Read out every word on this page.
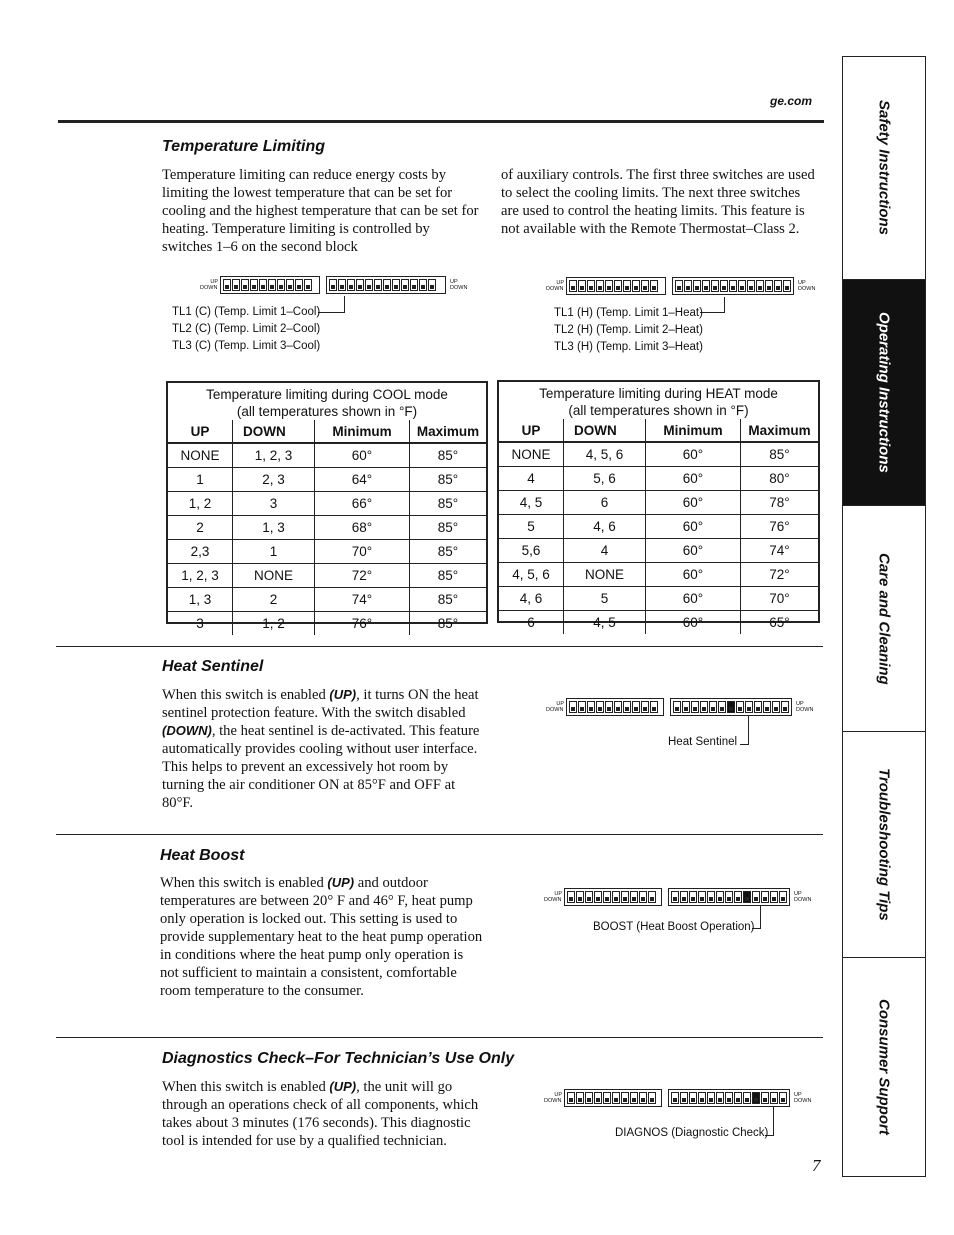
ge.com	Safety Instructions
Operating Instructions
Care and Cleaning
Troubleshooting Tips
Consumer Support
Temperature Limiting
Temperature limiting can reduce energy costs by limiting the lowest temperature that can be set for cooling and the highest temperature that can be set for heating. Temperature limiting is controlled by switches 1–6 on the second block
of auxiliary controls. The first three switches are used to select the cooling limits. The next three switches are used to control the heating limits. This feature is not available with the Remote Thermostat–Class 2.
UP
DOWN
UP
DOWN
TL1 (C) (Temp. Limit 1–Cool)
TL2 (C) (Temp. Limit 2–Cool)
TL3 (C) (Temp. Limit 3–Cool)
UP
DOWN
UP
DOWN
TL1 (H) (Temp. Limit 1–Heat)
TL2 (H) (Temp. Limit 2–Heat)
TL3 (H) (Temp. Limit 3–Heat)
Temperature limiting during COOL mode
(all temperatures shown in °F)
UP	DOWN	Minimum	Maximum
NONE	1, 2, 3	60°	85°
1	2, 3	64°	85°
1, 2	3	66°	85°
2	1, 3	68°	85°
2,3	1	70°	85°
1, 2, 3	NONE	72°	85°
1, 3	2	74°	85°
3	1, 2	76°	85°
Temperature limiting during HEAT mode
(all temperatures shown in °F)
UP	DOWN	Minimum	Maximum
NONE	4, 5, 6	60°	85°
4	5, 6	60°	80°
4, 5	6	60°	78°
5	4, 6	60°	76°
5,6	4	60°	74°
4, 5, 6	NONE	60°	72°
4, 6	5	60°	70°
6	4, 5	60°	65°
Heat Sentinel
When this switch is enabled (UP), it turns ON the heat sentinel protection feature. With the switch disabled (DOWN), the heat sentinel is de-activated. This feature automatically provides cooling without user interface. This helps to prevent an excessively hot room by turning the air conditioner ON at 85°F and OFF at 80°F.
UP
DOWN
UP
DOWN
Heat Sentinel
Heat Boost
When this switch is enabled (UP) and outdoor temperatures are between 20° F and 46° F, heat pump only operation is locked out. This setting is used to provide supplementary heat to the heat pump operation in conditions where the heat pump only operation is not sufficient to maintain a consistent, comfortable room temperature to the consumer.
UP
DOWN
UP
DOWN
BOOST (Heat Boost Operation)
Diagnostics Check–For Technician’s Use Only
When this switch is enabled (UP), the unit will go through an operations check of all components, which takes about 3 minutes (176 seconds). This diagnostic tool is intended for use by a qualified technician.
UP
DOWN
UP
DOWN
DIAGNOS (Diagnostic Check)
7
